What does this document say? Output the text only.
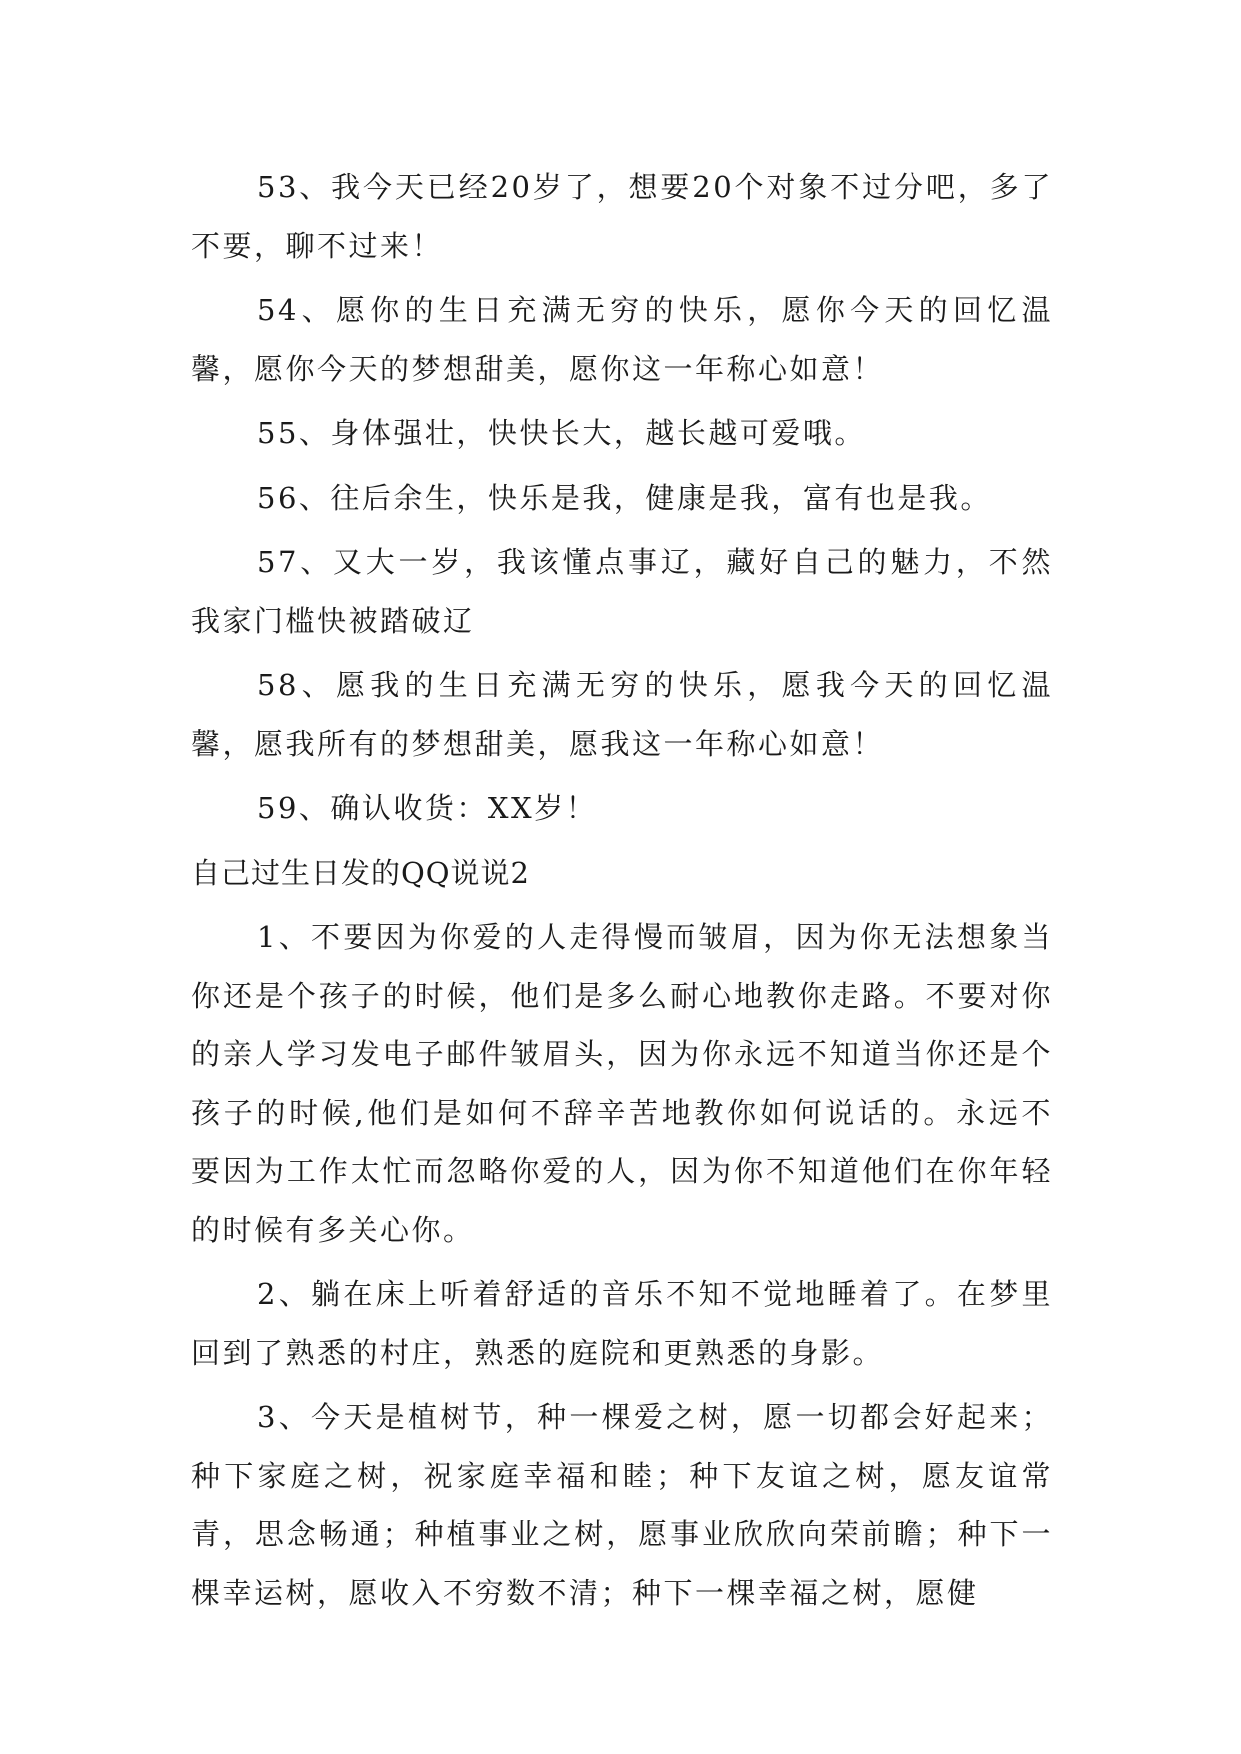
53、我今天已经20岁了，想要20个对象不过分吧，多了不要，聊不过来！

54、愿你的生日充满无穷的快乐，愿你今天的回忆温馨，愿你今天的梦想甜美，愿你这一年称心如意！

55、身体强壮，快快长大，越长越可爱哦。

56、往后余生，快乐是我，健康是我，富有也是我。

57、又大一岁，我该懂点事辽，藏好自己的魅力，不然我家门槛快被踏破辽

58、愿我的生日充满无穷的快乐，愿我今天的回忆温馨，愿我所有的梦想甜美，愿我这一年称心如意！

59、确认收货：XX岁！

自己过生日发的QQ说说2

1、不要因为你爱的人走得慢而皱眉，因为你无法想象当你还是个孩子的时候，他们是多么耐心地教你走路。不要对你的亲人学习发电子邮件皱眉头，因为你永远不知道当你还是个孩子的时候,他们是如何不辞辛苦地教你如何说话的。永远不要因为工作太忙而忽略你爱的人，因为你不知道他们在你年轻的时候有多关心你。

2、躺在床上听着舒适的音乐不知不觉地睡着了。在梦里回到了熟悉的村庄，熟悉的庭院和更熟悉的身影。

3、今天是植树节，种一棵爱之树，愿一切都会好起来；种下家庭之树，祝家庭幸福和睦；种下友谊之树，愿友谊常青，思念畅通；种植事业之树，愿事业欣欣向荣前瞻；种下一棵幸运树，愿收入不穷数不清；种下一棵幸福之树，愿健
